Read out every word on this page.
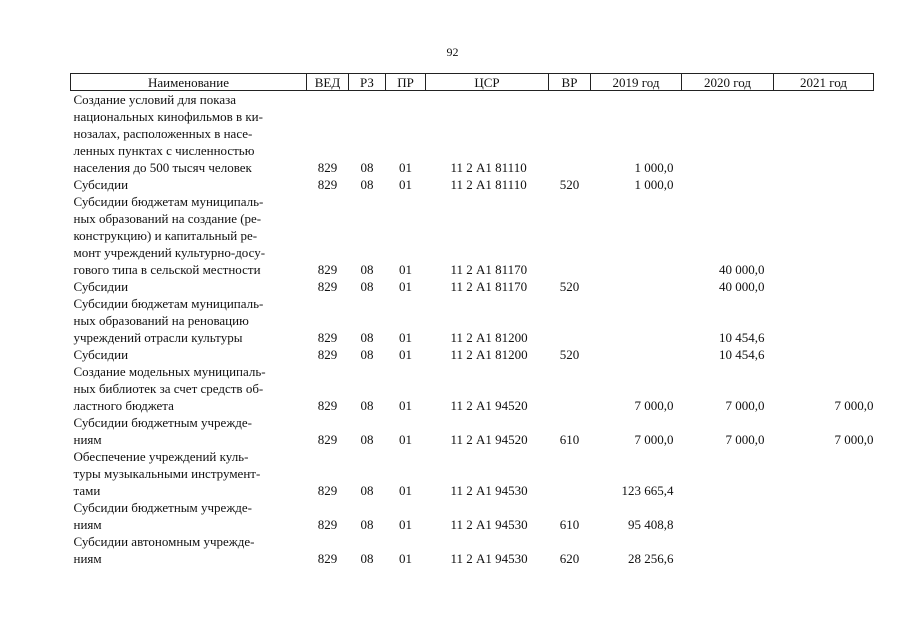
92
Наименование	ВЕД	РЗ	ПР	ЦСР	ВР	2019 год	2020 год	2021 год

Создание условий для показа
национальных кинофильмов в ки-
нозалах, расположенных в насе-
ленных пунктах с численностью
населения до 500 тысяч человек	829	08	01	11 2 А1 81110		1 000,0		

Субсидии	829	08	01	11 2 А1 81110	520	1 000,0		

Субсидии бюджетам муниципаль-
ных образований на создание (ре-
конструкцию) и капитальный ре-
монт учреждений культурно-досу-
гового типа в сельской местности	829	08	01	11 2 А1 81170			40 000,0	

Субсидии	829	08	01	11 2 А1 81170	520		40 000,0	

Субсидии бюджетам муниципаль-
ных образований на реновацию
учреждений отрасли культуры	829	08	01	11 2 А1 81200			10 454,6	

Субсидии	829	08	01	11 2 А1 81200	520		10 454,6	

Создание модельных муниципаль-
ных библиотек за счет средств об-
ластного бюджета	829	08	01	11 2 А1 94520		7 000,0	7 000,0	7 000,0

Субсидии бюджетным учрежде-
ниям	829	08	01	11 2 А1 94520	610	7 000,0	7 000,0	7 000,0

Обеспечение учреждений куль-
туры музыкальными инструмент-
тами	829	08	01	11 2 А1 94530		123 665,4		

Субсидии бюджетным учрежде-
ниям	829	08	01	11 2 А1 94530	610	95 408,8		

Субсидии автономным учрежде-
ниям	829	08	01	11 2 А1 94530	620	28 256,6		
